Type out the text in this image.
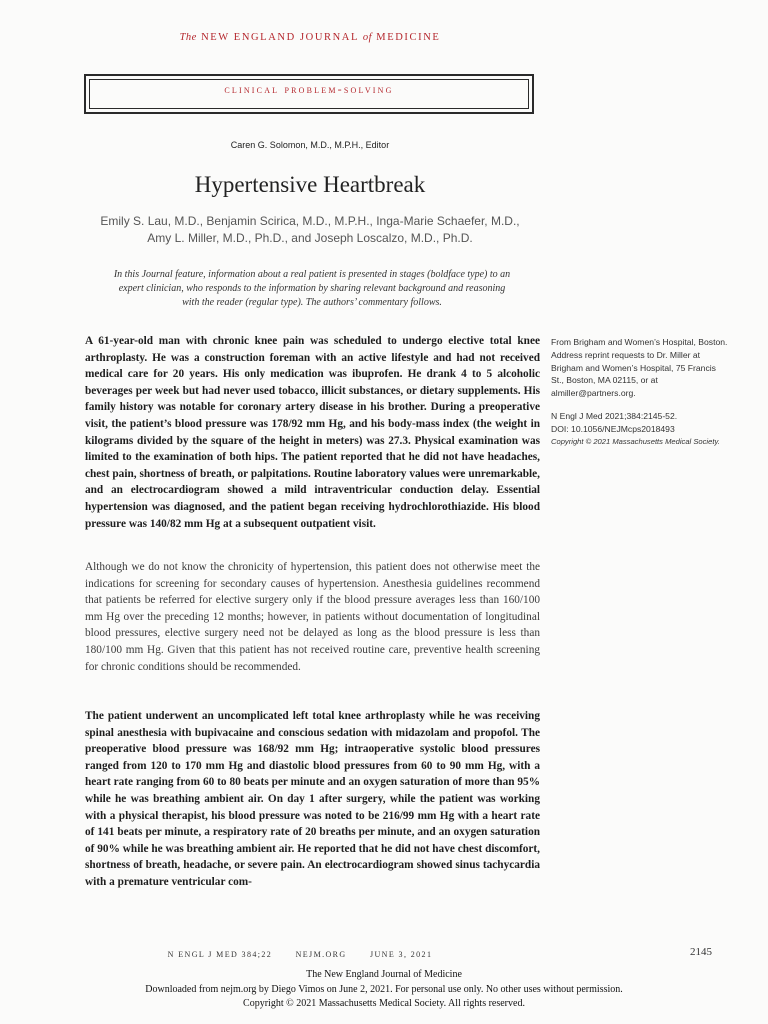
The NEW ENGLAND JOURNAL of MEDICINE
clinical problem-solving
Caren G. Solomon, M.D., M.P.H., Editor
Hypertensive Heartbreak
Emily S. Lau, M.D., Benjamin Scirica, M.D., M.P.H., Inga-Marie Schaefer, M.D.,
Amy L. Miller, M.D., Ph.D., and Joseph Loscalzo, M.D., Ph.D.
In this Journal feature, information about a real patient is presented in stages (boldface type) to an expert clinician, who responds to the information by sharing relevant background and reasoning with the reader (regular type). The authors’ commentary follows.
A 61-year-old man with chronic knee pain was scheduled to undergo elective total knee arthroplasty. He was a construction foreman with an active lifestyle and had not received medical care for 20 years. His only medication was ibuprofen. He drank 4 to 5 alcoholic beverages per week but had never used tobacco, illicit substances, or dietary supplements. His family history was notable for coronary artery disease in his brother. During a preoperative visit, the patient’s blood pressure was 178/92 mm Hg, and his body-mass index (the weight in kilograms divided by the square of the height in meters) was 27.3. Physical examination was limited to the examination of both hips. The patient reported that he did not have headaches, chest pain, shortness of breath, or palpitations. Routine laboratory values were unremarkable, and an electrocardiogram showed a mild intraventricular conduction delay. Essential hypertension was diagnosed, and the patient began receiving hydrochlorothiazide. His blood pressure was 140/82 mm Hg at a subsequent outpatient visit.
Although we do not know the chronicity of hypertension, this patient does not otherwise meet the indications for screening for secondary causes of hypertension. Anesthesia guidelines recommend that patients be referred for elective surgery only if the blood pressure averages less than 160/100 mm Hg over the preceding 12 months; however, in patients without documentation of longitudinal blood pressures, elective surgery need not be delayed as long as the blood pressure is less than 180/100 mm Hg. Given that this patient has not received routine care, preventive health screening for chronic conditions should be recommended.
The patient underwent an uncomplicated left total knee arthroplasty while he was receiving spinal anesthesia with bupivacaine and conscious sedation with midazolam and propofol. The preoperative blood pressure was 168/92 mm Hg; intraoperative systolic blood pressures ranged from 120 to 170 mm Hg and diastolic blood pressures from 60 to 90 mm Hg, with a heart rate ranging from 60 to 80 beats per minute and an oxygen saturation of more than 95% while he was breathing ambient air. On day 1 after surgery, while the patient was working with a physical therapist, his blood pressure was noted to be 216/99 mm Hg with a heart rate of 141 beats per minute, a respiratory rate of 20 breaths per minute, and an oxygen saturation of 90% while he was breathing ambient air. He reported that he did not have chest discomfort, shortness of breath, headache, or severe pain. An electrocardiogram showed sinus tachycardia with a premature ventricular com-
From Brigham and Women’s Hospital, Boston. Address reprint requests to Dr. Miller at Brigham and Women’s Hospital, 75 Francis St., Boston, MA 02115, or at almiller@partners.org.
N Engl J Med 2021;384:2145-52.
DOI: 10.1056/NEJMcps2018493
Copyright © 2021 Massachusetts Medical Society.
N ENGL J MED 384;22	NEJM.ORG	JUNE 3, 2021	2145
The New England Journal of Medicine
Downloaded from nejm.org by Diego Vimos on June 2, 2021. For personal use only. No other uses without permission.
Copyright © 2021 Massachusetts Medical Society. All rights reserved.
